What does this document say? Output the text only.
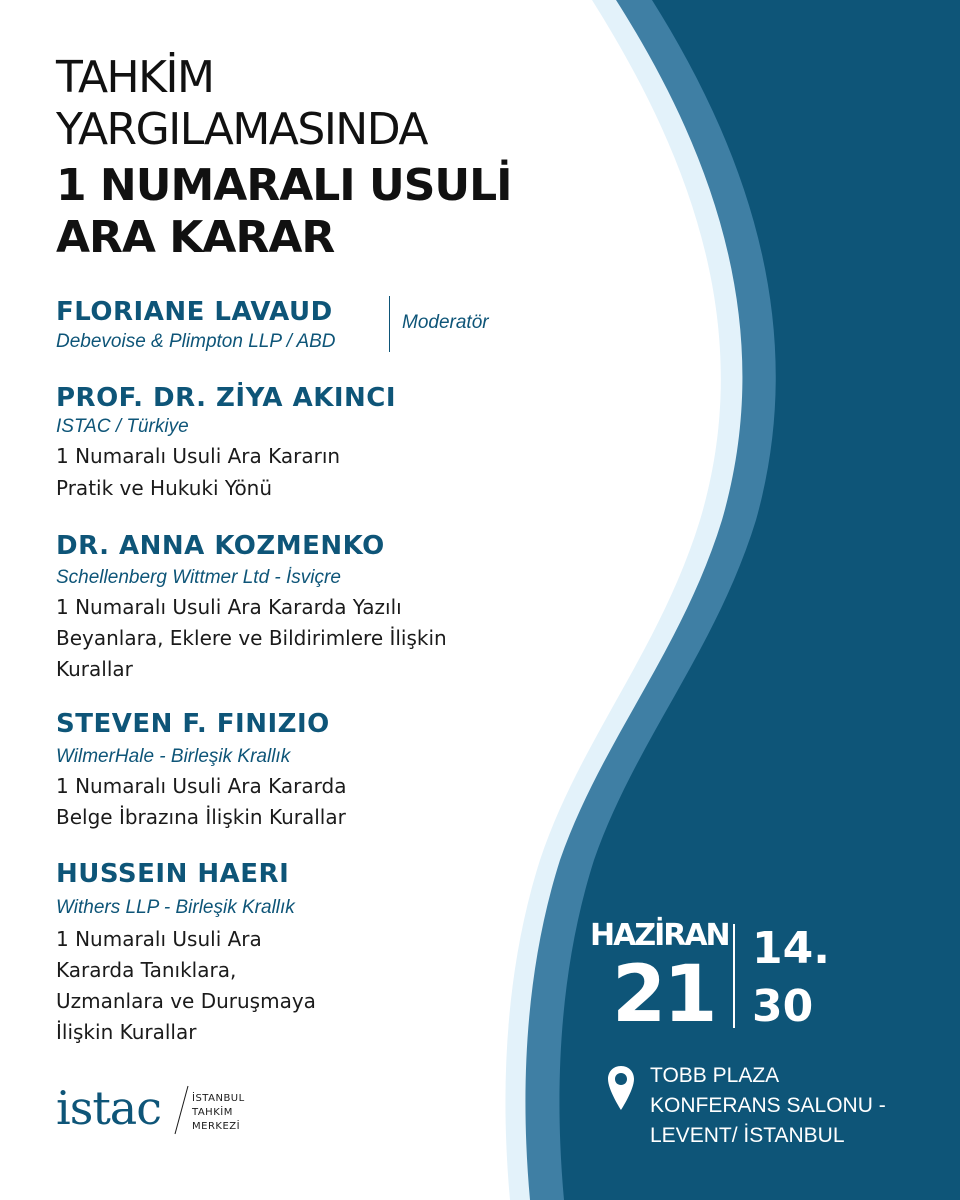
TAHKİM
YARGILAMASINDA
1 NUMARALI USULİ
ARA KARAR
FLORIANE LAVAUD
Debevoise & Plimpton LLP / ABD
Moderatör
PROF. DR. ZİYA AKINCI
ISTAC / Türkiye
1 Numaralı Usuli Ara Kararın
Pratik ve Hukuki Yönü
DR. ANNA KOZMENKO
Schellenberg Wittmer Ltd - İsviçre
1 Numaralı Usuli Ara Kararda Yazılı
Beyanlara, Eklere ve Bildirimlere İlişkin
Kurallar
STEVEN F. FINIZIO
WilmerHale - Birleşik Krallık
1 Numaralı Usuli Ara Kararda
Belge İbrazına İlişkin Kurallar
HUSSEIN HAERI
Withers LLP - Birleşik Krallık
1 Numaralı Usuli Ara
Kararda Tanıklara,
Uzmanlara ve Duruşmaya
İlişkin Kurallar
HAZİRAN
21
14.
30
TOBB PLAZA
KONFERANS SALONU -
LEVENT/ İSTANBUL
istac	İSTANBUL
TAHKİM
MERKEZİ
